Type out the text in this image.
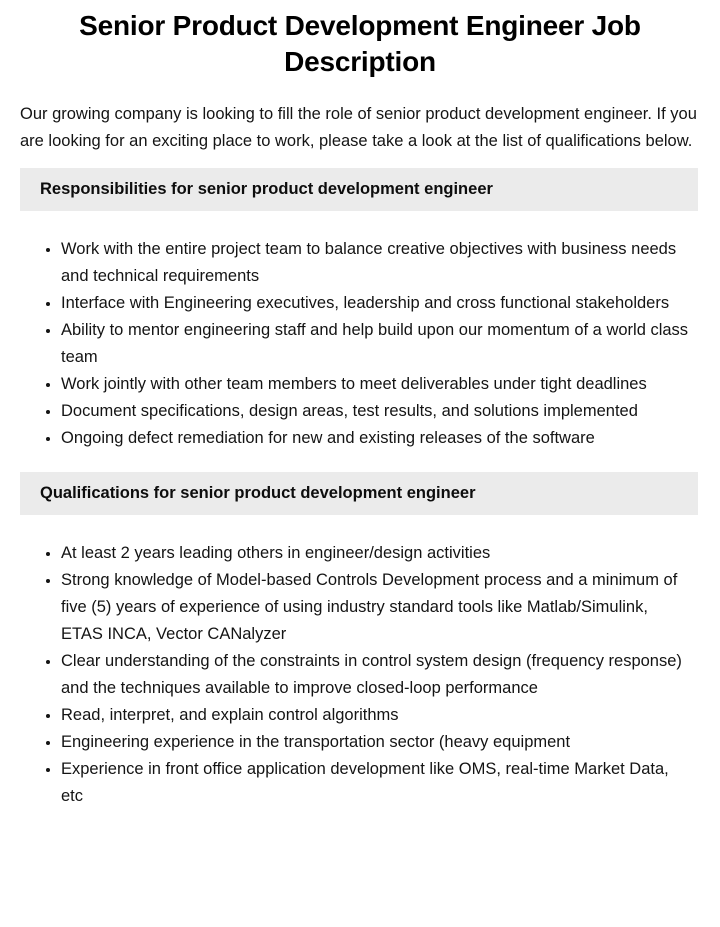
Senior Product Development Engineer Job Description

Our growing company is looking to fill the role of senior product development engineer. If you are looking for an exciting place to work, please take a look at the list of qualifications below.

Responsibilities for senior product development engineer
• Work with the entire project team to balance creative objectives with business needs and technical requirements
• Interface with Engineering executives, leadership and cross functional stakeholders
• Ability to mentor engineering staff and help build upon our momentum of a world class team
• Work jointly with other team members to meet deliverables under tight deadlines
• Document specifications, design areas, test results, and solutions implemented
• Ongoing defect remediation for new and existing releases of the software
Qualifications for senior product development engineer
• At least 2 years leading others in engineer/design activities
• Strong knowledge of Model-based Controls Development process and a minimum of five (5) years of experience of using industry standard tools like Matlab/Simulink, ETAS INCA, Vector CANalyzer
• Clear understanding of the constraints in control system design (frequency response) and the techniques available to improve closed-loop performance
• Read, interpret, and explain control algorithms
• Engineering experience in the transportation sector (heavy equipment
• Experience in front office application development like OMS, real-time Market Data, etc
